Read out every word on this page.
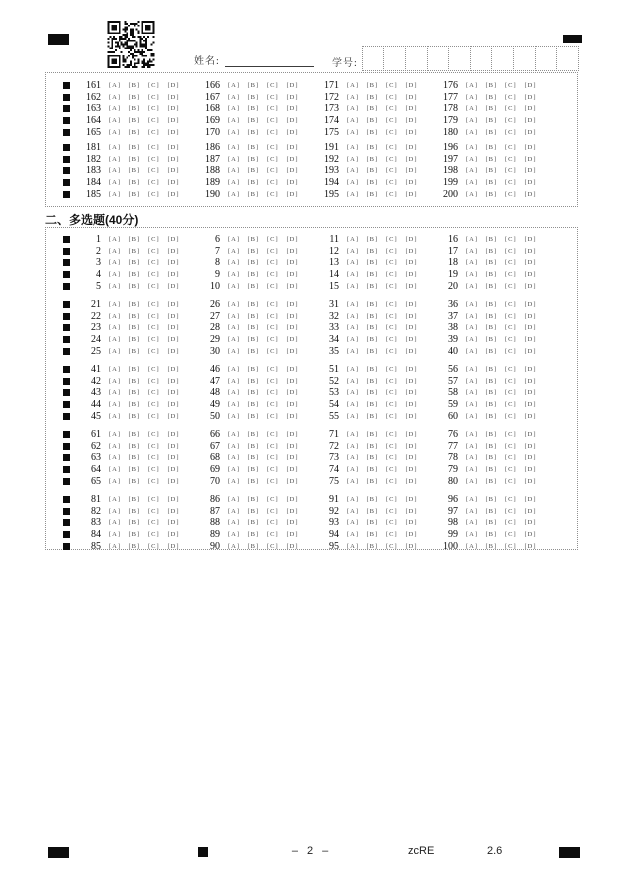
姓名:	学号:
161 [A]	[B]	[C]	[D]	166 [A]	[B]	[C]	[D]	171 [A]	[B]	[C]	[D]	176 [A]	[B]	[C]	[D]
162 [A]	[B]	[C]	[D]	167 [A]	[B]	[C]	[D]	172 [A]	[B]	[C]	[D]	177 [A]	[B]	[C]	[D]
163 [A]	[B]	[C]	[D]	168 [A]	[B]	[C]	[D]	173 [A]	[B]	[C]	[D]	178 [A]	[B]	[C]	[D]
164 [A]	[B]	[C]	[D]	169 [A]	[B]	[C]	[D]	174 [A]	[B]	[C]	[D]	179 [A]	[B]	[C]	[D]
165 [A]	[B]	[C]	[D]	170 [A]	[B]	[C]	[D]	175 [A]	[B]	[C]	[D]	180 [A]	[B]	[C]	[D]
181 [A]	[B]	[C]	[D]	186 [A]	[B]	[C]	[D]	191 [A]	[B]	[C]	[D]	196 [A]	[B]	[C]	[D]
182 [A]	[B]	[C]	[D]	187 [A]	[B]	[C]	[D]	192 [A]	[B]	[C]	[D]	197 [A]	[B]	[C]	[D]
183 [A]	[B]	[C]	[D]	188 [A]	[B]	[C]	[D]	193 [A]	[B]	[C]	[D]	198 [A]	[B]	[C]	[D]
184 [A]	[B]	[C]	[D]	189 [A]	[B]	[C]	[D]	194 [A]	[B]	[C]	[D]	199 [A]	[B]	[C]	[D]
185 [A]	[B]	[C]	[D]	190 [A]	[B]	[C]	[D]	195 [A]	[B]	[C]	[D]	200 [A]	[B]	[C]	[D]
二、多选题(40分)
1 [A]	[B]	[C]	[D]	6 [A]	[B]	[C]	[D]	11 [A]	[B]	[C]	[D]	16 [A]	[B]	[C]	[D]
2 [A]	[B]	[C]	[D]	7 [A]	[B]	[C]	[D]	12 [A]	[B]	[C]	[D]	17 [A]	[B]	[C]	[D]
3 [A]	[B]	[C]	[D]	8 [A]	[B]	[C]	[D]	13 [A]	[B]	[C]	[D]	18 [A]	[B]	[C]	[D]
4 [A]	[B]	[C]	[D]	9 [A]	[B]	[C]	[D]	14 [A]	[B]	[C]	[D]	19 [A]	[B]	[C]	[D]
5 [A]	[B]	[C]	[D]	10 [A]	[B]	[C]	[D]	15 [A]	[B]	[C]	[D]	20 [A]	[B]	[C]	[D]
21 [A]	[B]	[C]	[D]	26 [A]	[B]	[C]	[D]	31 [A]	[B]	[C]	[D]	36 [A]	[B]	[C]	[D]
22 [A]	[B]	[C]	[D]	27 [A]	[B]	[C]	[D]	32 [A]	[B]	[C]	[D]	37 [A]	[B]	[C]	[D]
23 [A]	[B]	[C]	[D]	28 [A]	[B]	[C]	[D]	33 [A]	[B]	[C]	[D]	38 [A]	[B]	[C]	[D]
24 [A]	[B]	[C]	[D]	29 [A]	[B]	[C]	[D]	34 [A]	[B]	[C]	[D]	39 [A]	[B]	[C]	[D]
25 [A]	[B]	[C]	[D]	30 [A]	[B]	[C]	[D]	35 [A]	[B]	[C]	[D]	40 [A]	[B]	[C]	[D]
41 [A]	[B]	[C]	[D]	46 [A]	[B]	[C]	[D]	51 [A]	[B]	[C]	[D]	56 [A]	[B]	[C]	[D]
42 [A]	[B]	[C]	[D]	47 [A]	[B]	[C]	[D]	52 [A]	[B]	[C]	[D]	57 [A]	[B]	[C]	[D]
43 [A]	[B]	[C]	[D]	48 [A]	[B]	[C]	[D]	53 [A]	[B]	[C]	[D]	58 [A]	[B]	[C]	[D]
44 [A]	[B]	[C]	[D]	49 [A]	[B]	[C]	[D]	54 [A]	[B]	[C]	[D]	59 [A]	[B]	[C]	[D]
45 [A]	[B]	[C]	[D]	50 [A]	[B]	[C]	[D]	55 [A]	[B]	[C]	[D]	60 [A]	[B]	[C]	[D]
61 [A]	[B]	[C]	[D]	66 [A]	[B]	[C]	[D]	71 [A]	[B]	[C]	[D]	76 [A]	[B]	[C]	[D]
62 [A]	[B]	[C]	[D]	67 [A]	[B]	[C]	[D]	72 [A]	[B]	[C]	[D]	77 [A]	[B]	[C]	[D]
63 [A]	[B]	[C]	[D]	68 [A]	[B]	[C]	[D]	73 [A]	[B]	[C]	[D]	78 [A]	[B]	[C]	[D]
64 [A]	[B]	[C]	[D]	69 [A]	[B]	[C]	[D]	74 [A]	[B]	[C]	[D]	79 [A]	[B]	[C]	[D]
65 [A]	[B]	[C]	[D]	70 [A]	[B]	[C]	[D]	75 [A]	[B]	[C]	[D]	80 [A]	[B]	[C]	[D]
81 [A]	[B]	[C]	[D]	86 [A]	[B]	[C]	[D]	91 [A]	[B]	[C]	[D]	96 [A]	[B]	[C]	[D]
82 [A]	[B]	[C]	[D]	87 [A]	[B]	[C]	[D]	92 [A]	[B]	[C]	[D]	97 [A]	[B]	[C]	[D]
83 [A]	[B]	[C]	[D]	88 [A]	[B]	[C]	[D]	93 [A]	[B]	[C]	[D]	98 [A]	[B]	[C]	[D]
84 [A]	[B]	[C]	[D]	89 [A]	[B]	[C]	[D]	94 [A]	[B]	[C]	[D]	99 [A]	[B]	[C]	[D]
85 [A]	[B]	[C]	[D]	90 [A]	[B]	[C]	[D]	95 [A]	[B]	[C]	[D]	100 [A]	[B]	[C]	[D]
– 2 –	zcRE	2.6
